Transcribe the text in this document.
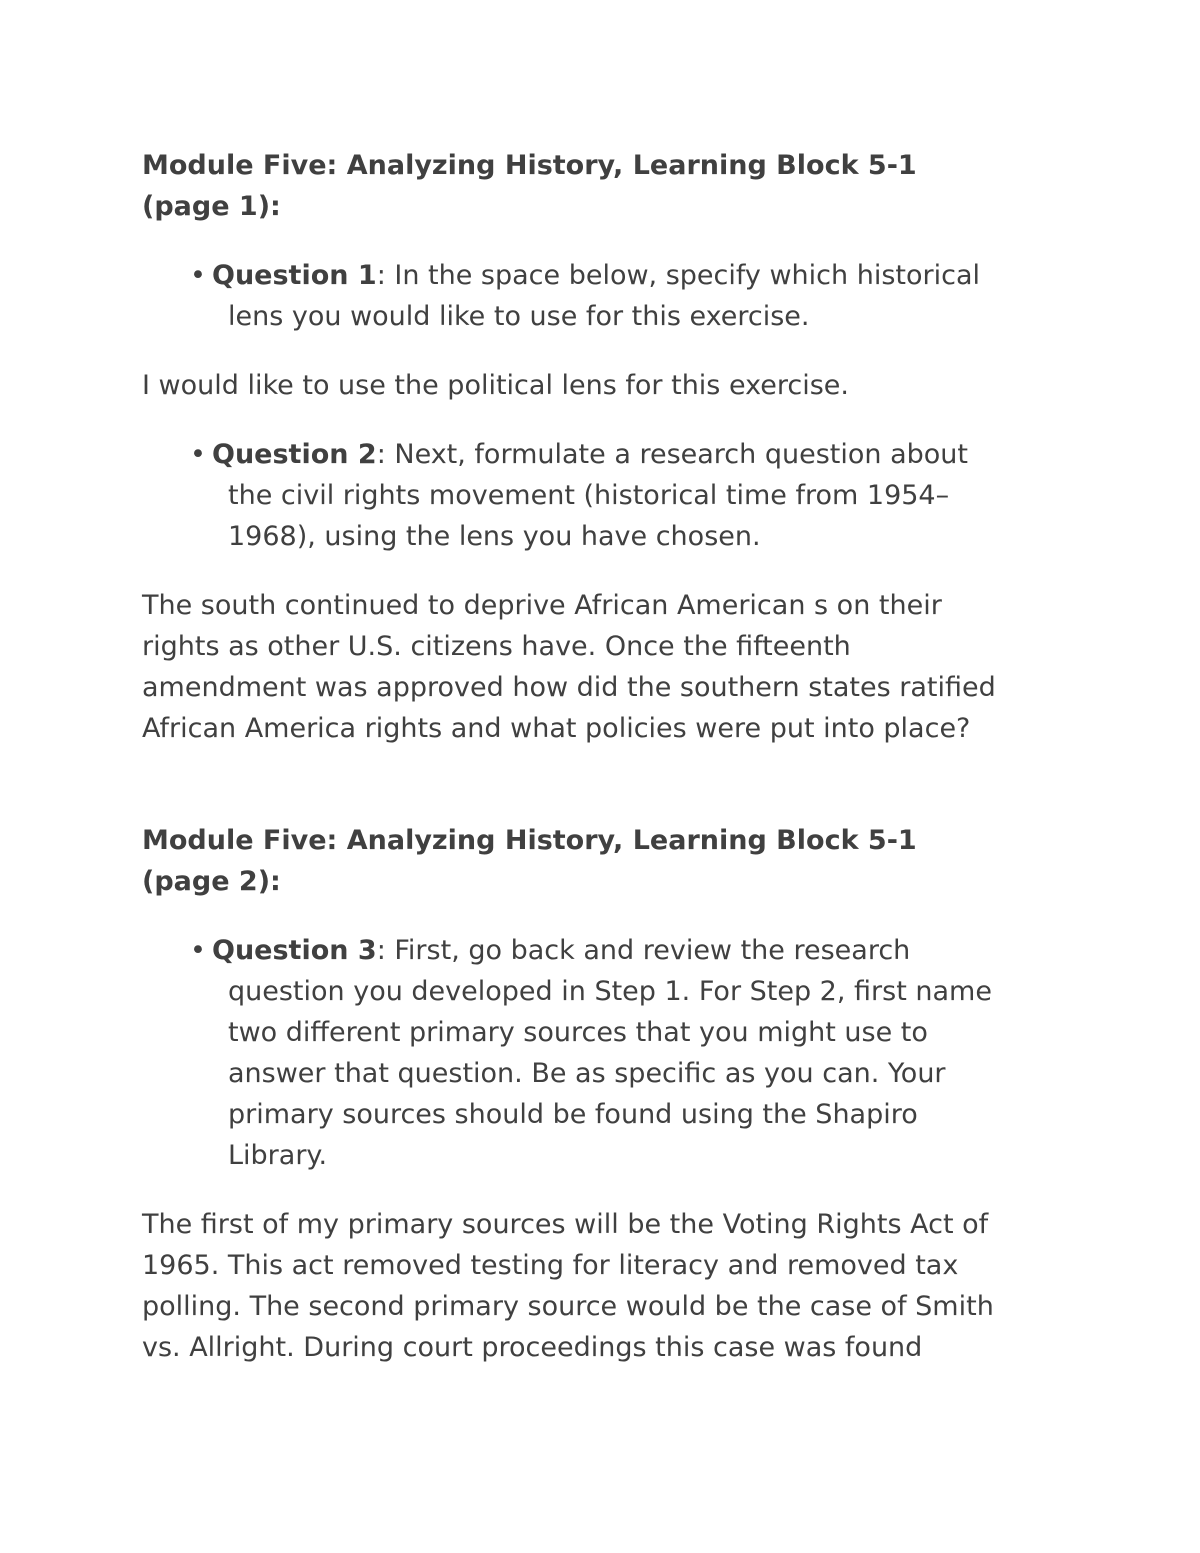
Module Five: Analyzing History, Learning Block 5-1

(page 1):

• Question 1: In the space below, specify which historical

lens you would like to use for this exercise.

I would like to use the political lens for this exercise.

• Question 2: Next, formulate a research question about

the civil rights movement (historical time from 1954–

1968), using the lens you have chosen.

The south continued to deprive African American s on their

rights as other U.S. citizens have. Once the fifteenth

amendment was approved how did the southern states ratified

African America rights and what policies were put into place?

Module Five: Analyzing History, Learning Block 5-1

(page 2):

• Question 3: First, go back and review the research

question you developed in Step 1. For Step 2, first name

two different primary sources that you might use to

answer that question. Be as specific as you can. Your

primary sources should be found using the Shapiro

Library.

The first of my primary sources will be the Voting Rights Act of

1965. This act removed testing for literacy and removed tax

polling. The second primary source would be the case of Smith

vs. Allright. During court proceedings this case was found
